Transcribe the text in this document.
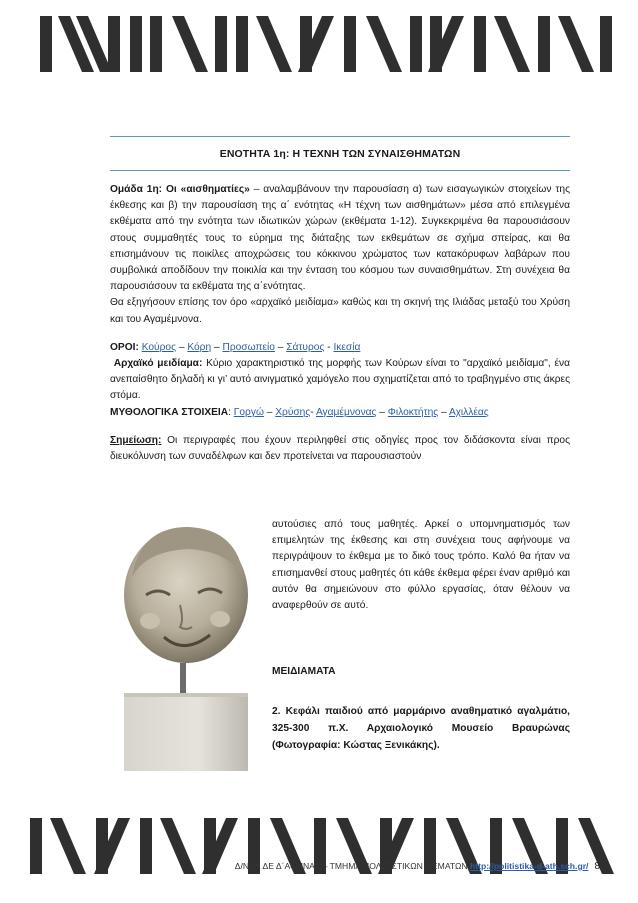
ΕΝΟΤΗΤΑ 1η: Η ΤΕΧΝΗ ΤΩΝ ΣΥΝΑΙΣΘΗΜΑΤΩΝ

Ομάδα 1η: Οι «αισθηματίες» – αναλαμβάνουν την παρουσίαση α) των εισαγωγικών στοιχείων της έκθεσης και β) την παρουσίαση της α΄ ενότητας «Η τέχνη των αισθημάτων» μέσα από επιλεγμένα εκθέματα από την ενότητα των ιδιωτικών χώρων (εκθέματα 1-12). Συγκεκριμένα θα παρουσιάσουν στους συμμαθητές τους το εύρημα της διάταξης των εκθεμάτων σε σχήμα σπείρας, και θα επισημάνουν τις ποικίλες αποχρώσεις του κόκκινου χρώματος των κατακόρυφων λαβάρων που συμβολικά αποδίδουν την ποικιλία και την ένταση του κόσμου των συναισθημάτων. Στη συνέχεια θα παρουσιάσουν τα εκθέματα της α΄ενότητας.

Θα εξηγήσουν επίσης τον όρο «αρχαϊκό μειδίαμα» καθώς και τη σκηνή της Ιλιάδας μεταξύ του Χρύση και του Αγαμέμνονα.

ΟΡΟΙ: Κούρος – Κόρη – Προσωπείο – Σάτυρος - Ικεσία

Αρχαϊκό μειδίαμα: Κύριο χαρακτηριστικό της μορφής των Κούρων είναι το "αρχαϊκό μειδίαμα", ένα ανεπαίσθητο δηλαδή κι γι’ αυτό αινιγματικό χαμόγελο που σχηματίζεται από το τραβηγμένο στις άκρες στόμα.

ΜΥΘΟΛΟΓΙΚΑ ΣΤΟΙΧΕΙΑ: Γοργώ – Χρύσης- Αγαμέμνονας – Φιλοκτήτης – Αχιλλέας

Σημείωση: Οι περιγραφές που έχουν περιληφθεί στις οδηγίες προς τον διδάσκοντα είναι προς διευκόλυνση των συναδέλφων και δεν προτείνεται να παρουσιαστούν

αυτούσιες από τους μαθητές. Αρκεί ο υπομνηματισμός των επιμελητών της έκθεσης και στη συνέχεια τους αφήνουμε να περιγράψουν το έκθεμα με το δικό τους τρόπο. Καλό θα ήταν να επισημανθεί στους μαθητές ότι κάθε έκθεμα φέρει έναν αριθμό και αυτόν θα σημειώνουν στο φύλλο εργασίας, όταν θέλουν να αναφερθούν σε αυτό.
ΜΕΙΔΙΑΜΑΤΑ
2. Κεφάλι παιδιού από μαρμάρινο αναθηματικό αγαλμάτιο, 325-300 π.Χ. Αρχαιολογικό Μουσείο Βραυρώνας (Φωτογραφία: Κώστας Ξενικάκης).
Δ/ΝΣΗ ΔΕ Δ΄ΑΘΗΝΑΣ – ΤΜΗΜΑ ΠΟΛΙΤΙΣΤΙΚΩΝ ΘΕΜΑΤΩΝ http://politistika-d-ath.sch.gr/ 8
